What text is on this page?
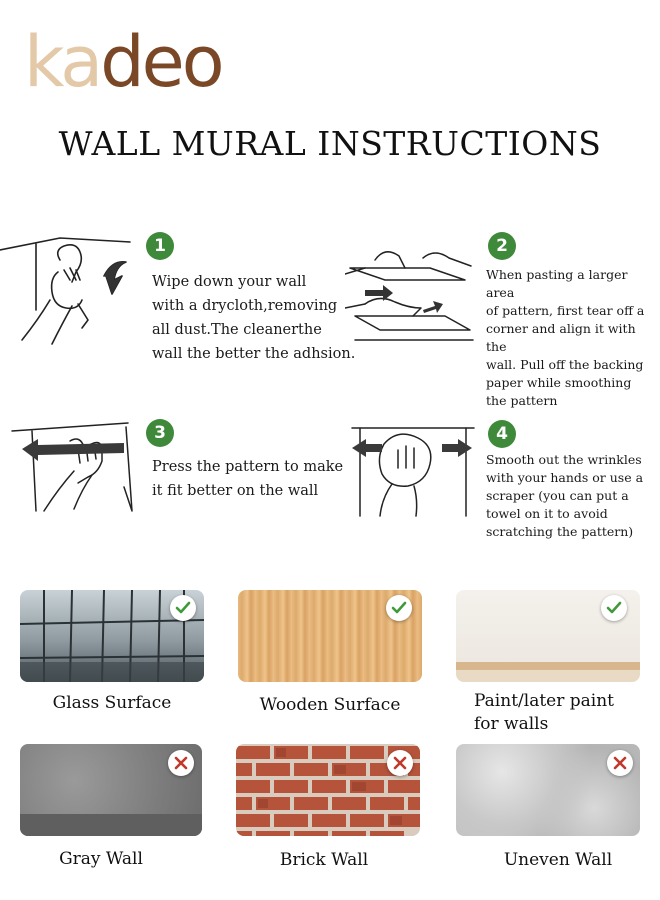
kadeo
WALL MURAL INSTRUCTIONS
1
Wipe down your wall
with a drycloth,removing
all dust.The cleanerthe
wall the better the adhsion.
2
When pasting a larger area
of pattern, first tear off a
corner and align it with the
wall. Pull off the backing
paper while smoothing
the pattern
3
Press the pattern to make
it fit better on the wall
4
Smooth out the wrinkles
with your hands or use a
scraper (you can put a
towel on it to avoid
scratching the pattern)
Glass Surface	Wooden Surface	Paint/later paint
for walls
Gray Wall	Brick Wall	Uneven Wall
